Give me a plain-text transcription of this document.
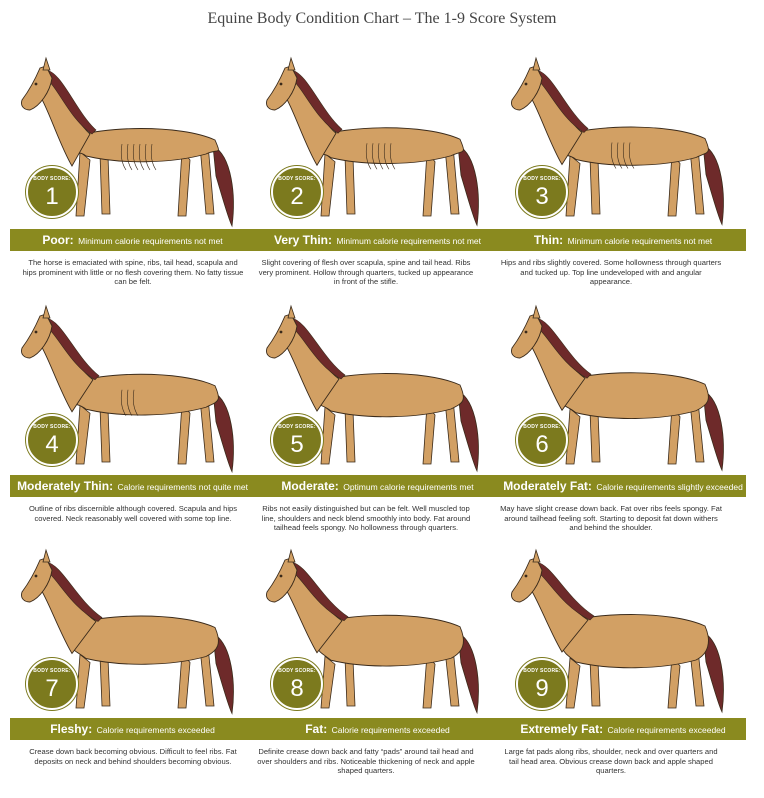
Equine Body Condition Chart – The 1-9 Score System
BODY SCORE:
1
BODY SCORE:
2
BODY SCORE:
3
BODY SCORE:
4
BODY SCORE:
5
BODY SCORE:
6
BODY SCORE:
7
BODY SCORE:
8
BODY SCORE:
9
Poor: Minimum calorie requirements not met
The horse is emaciated with spine, ribs, tail head, scapula and hips prominent with little or no flesh covering them. No fatty tissue can be felt.
Very Thin: Minimum calorie requirements not met
Slight covering of flesh over scapula, spine and tail head. Ribs very prominent. Hollow through quarters, tucked up appearance in front of the stifle.
Thin: Minimum calorie requirements not met
Hips and ribs slightly covered. Some hollowness through quarters and tucked up. Top line undeveloped with and angular appearance.
Moderately Thin: Calorie requirements not quite met
Outline of ribs discernible although covered. Scapula and hips covered. Neck reasonably well covered with some top line.
Moderate: Optimum calorie requirements met
Ribs not easily distinguished but can be felt. Well muscled top line, shoulders and neck blend smoothly into body. Fat around tailhead feels spongy. No hollowness through quarters.
Moderately Fat: Calorie requirements slightly exceeded
May have slight crease down back. Fat over ribs feels spongy. Fat around tailhead feeling soft. Starting to deposit fat down withers and behind the shoulder.
Fleshy: Calorie requirements exceeded
Crease down back becoming obvious. Difficult to feel ribs. Fat deposits on neck and behind shoulders becoming obvious.
Fat: Calorie requirements exceeded
Definite crease down back and fatty “pads” around tail head and over shoulders and ribs. Noticeable thickening of neck and apple shaped quarters.
Extremely Fat: Calorie requirements exceeded
Large fat pads along ribs, shoulder, neck and over quarters and tail head area. Obvious crease down back and apple shaped quarters.
